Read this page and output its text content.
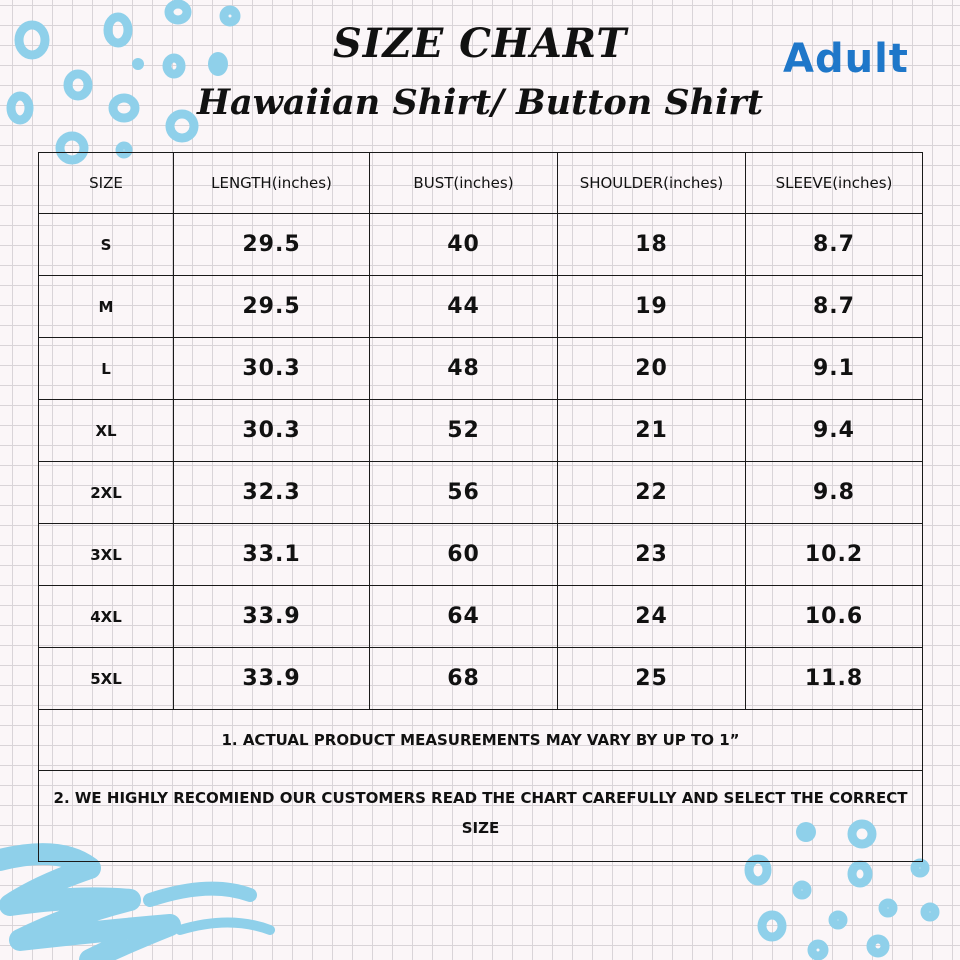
SIZE CHART
Hawaiian Shirt/ Button Shirt
Adult
SIZE	LENGTH(inches)	BUST(inches)	SHOULDER(inches)	SLEEVE(inches)
S	29.5	40	18	8.7
M	29.5	44	19	8.7
L	30.3	48	20	9.1
XL	30.3	52	21	9.4
2XL	32.3	56	22	9.8
3XL	33.1	60	23	10.2
4XL	33.9	64	24	10.6
5XL	33.9	68	25	11.8
1. ACTUAL PRODUCT MEASUREMENTS MAY VARY BY UP TO 1”				
2. WE HIGHLY RECOMIEND OUR CUSTOMERS READ THE CHART CAREFULLY AND SELECT THE CORRECT SIZE				
